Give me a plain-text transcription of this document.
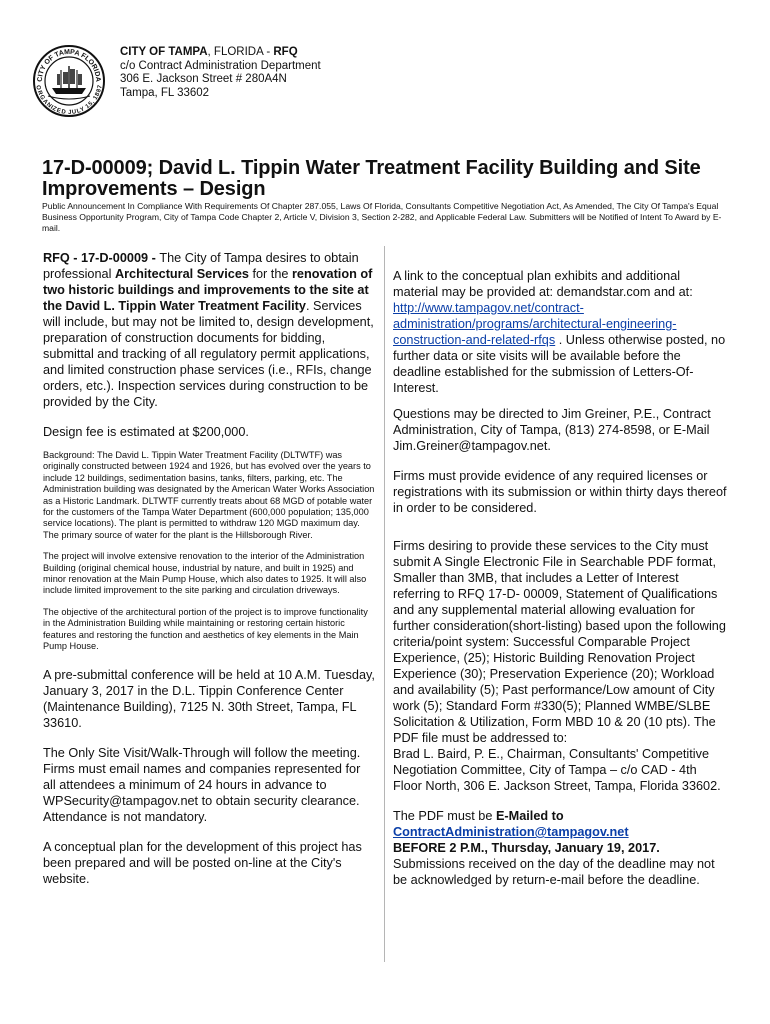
CITY OF TAMPA FLORIDA
ORGANIZED JULY 15, 1887
CITY OF TAMPA, FLORIDA - RFQ
c/o Contract Administration Department
306 E. Jackson Street # 280A4N
Tampa, FL 33602
17-D-00009; David L. Tippin Water Treatment Facility Building and Site Improvements – Design
Public Announcement In Compliance With Requirements Of Chapter 287.055, Laws Of Florida, Consultants Competitive Negotiation Act, As Amended, The City Of Tampa's Equal Business Opportunity Program, City of Tampa Code Chapter 2, Article V, Division 3, Section 2-282, and Applicable Federal Law. Submitters will be Notified of Intent To Award by E-mail.

RFQ - 17-D-00009 - The City of Tampa desires to obtain professional Architectural Services for the renovation of two historic buildings and improvements to the site at the David L. Tippin Water Treatment Facility. Services will include, but may not be limited to, design development, preparation of construction documents for bidding, submittal and tracking of all regulatory permit applications, and limited construction phase services (i.e., RFIs, change orders, etc.). Inspection services during construction to be provided by the City.

Design fee is estimated at $200,000.

Background: The David L. Tippin Water Treatment Facility (DLTWTF) was originally constructed between 1924 and 1926, but has evolved over the years to include 12 buildings, sedimentation basins, tanks, filters, parking, etc. The Administration building was designated by the American Water Works Association as a Historic Landmark. DLTWTF currently treats about 68 MGD of potable water for the customers of the Tampa Water Department (600,000 population; 135,000 service locations). The plant is permitted to withdraw 120 MGD maximum day. The primary source of water for the plant is the Hillsborough River.

The project will involve extensive renovation to the interior of the Administration Building (original chemical house, industrial by nature, and built in 1925) and minor renovation at the Main Pump House, which also dates to 1925. It will also include limited improvement to the site parking and circulation driveways.

The objective of the architectural portion of the project is to improve functionality in the Administration Building while maintaining or restoring certain historic features and restoring the function and aesthetics of key elements in the Main Pump House.

A pre-submittal conference will be held at 10 A.M. Tuesday, January 3, 2017 in the D.L. Tippin Conference Center (Maintenance Building), 7125 N. 30th Street, Tampa, FL 33610.

The Only Site Visit/Walk-Through will follow the meeting. Firms must email names and companies represented for all attendees a minimum of 24 hours in advance to WPSecurity@tampagov.net to obtain security clearance. Attendance is not mandatory.

A conceptual plan for the development of this project has been prepared and will be posted on-line at the City's website.

A link to the conceptual plan exhibits and additional material may be provided at: demandstar.com and at: http://www.tampagov.net/contract-administration/programs/architectural-engineering-construction-and-related-rfqs . Unless otherwise posted, no further data or site visits will be available before the deadline established for the submission of Letters-Of-Interest.

Questions may be directed to Jim Greiner, P.E., Contract Administration, City of Tampa, (813) 274-8598, or E-Mail Jim.Greiner@tampagov.net.

Firms must provide evidence of any required licenses or registrations with its submission or within thirty days thereof in order to be considered.

Firms desiring to provide these services to the City must submit A Single Electronic File in Searchable PDF format, Smaller than 3MB, that includes a Letter of Interest referring to RFQ 17-D- 00009, Statement of Qualifications and any supplemental material allowing evaluation for further consideration(short-listing) based upon the following criteria/point system: Successful Comparable Project Experience, (25); Historic Building Renovation Project Experience (30); Preservation Experience (20); Workload and availability (5); Past performance/Low amount of City work (5); Standard Form #330(5); Planned WMBE/SLBE Solicitation & Utilization, Form MBD 10 & 20 (10 pts). The PDF file must be addressed to:

Brad L. Baird, P. E., Chairman, Consultants' Competitive Negotiation Committee, City of Tampa – c/o CAD - 4th Floor North, 306 E. Jackson Street, Tampa, Florida 33602.

The PDF must be E-Mailed to

ContractAdministration@tampagov.net

BEFORE 2 P.M., Thursday, January 19, 2017.

Submissions received on the day of the deadline may not be acknowledged by return-e-mail before the deadline.
